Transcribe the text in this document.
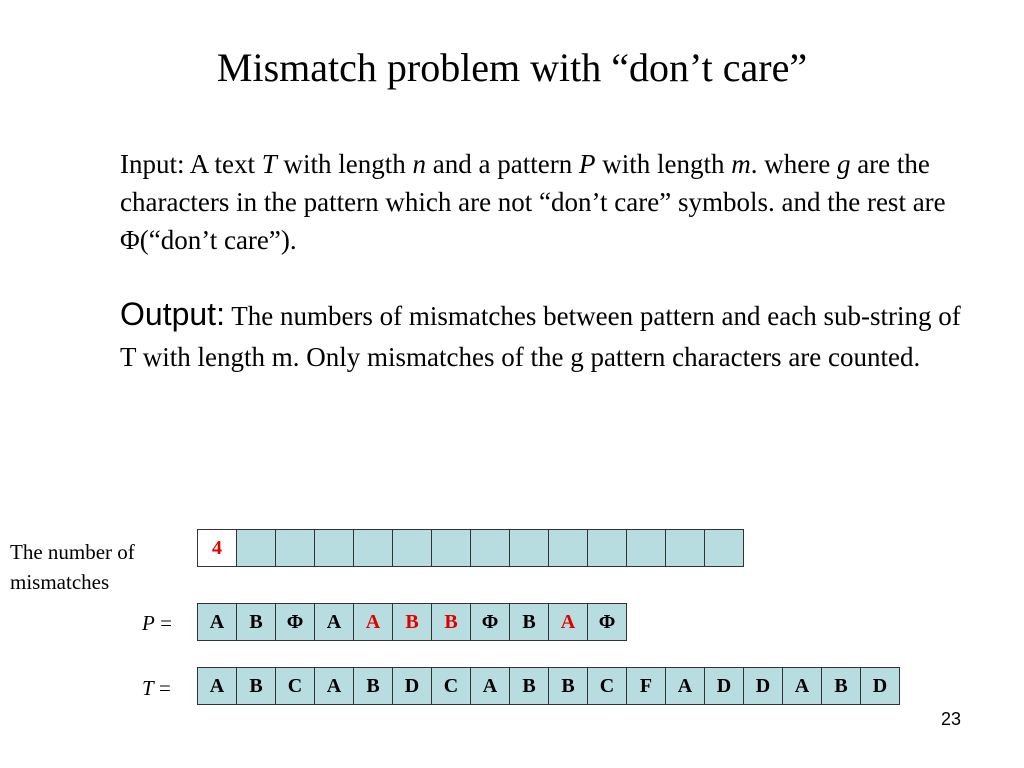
Mismatch problem with “don’t care”
Input: A text T with length n and a pattern P with length m. where g are the characters in the pattern which are not “don’t care” symbols. and the rest are Φ(“don’t care”).
Output: The numbers of mismatches between pattern and each sub-string of T with length m. Only mismatches of the g pattern characters are counted.
The number of mismatches
4
P =	A	B	Φ	A	A	B	B	Φ	B	A	Φ
T =	A	B	C	A	B	D	C	A	B	B	C	F	A	D	D	A	B	D
23
